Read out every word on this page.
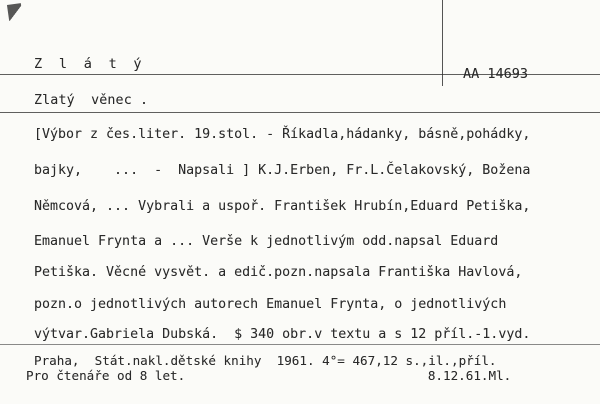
Z l á t ý
AA 14693
Zlatý  věnec .
[Výbor z čes.liter. 19.stol. - Říkadla,hádanky, básně,pohádky,
bajky,    ...  -  Napsali ] K.J.Erben, Fr.L.Čelakovský, Božena
Němcová, ... Vybrali a uspoř. František Hrubín,Eduard Petiška,
Emanuel Frynta a ... Verše k jednotlivým odd.napsal Eduard
Petiška. Věcné vysvět. a edič.pozn.napsala Františka Havlová,
pozn.o jednotlivých autorech Emanuel Frynta, o jednotlivých
výtvar.Gabriela Dubská.  $ 340 obr.v textu a s 12 příl.-1.vyd.
Praha,  Stát.nakl.dětské knihy  1961. 4°= 467,12 s.,il.,příl.
Pro čtenáře od 8 let.                                8.12.61.Ml.
